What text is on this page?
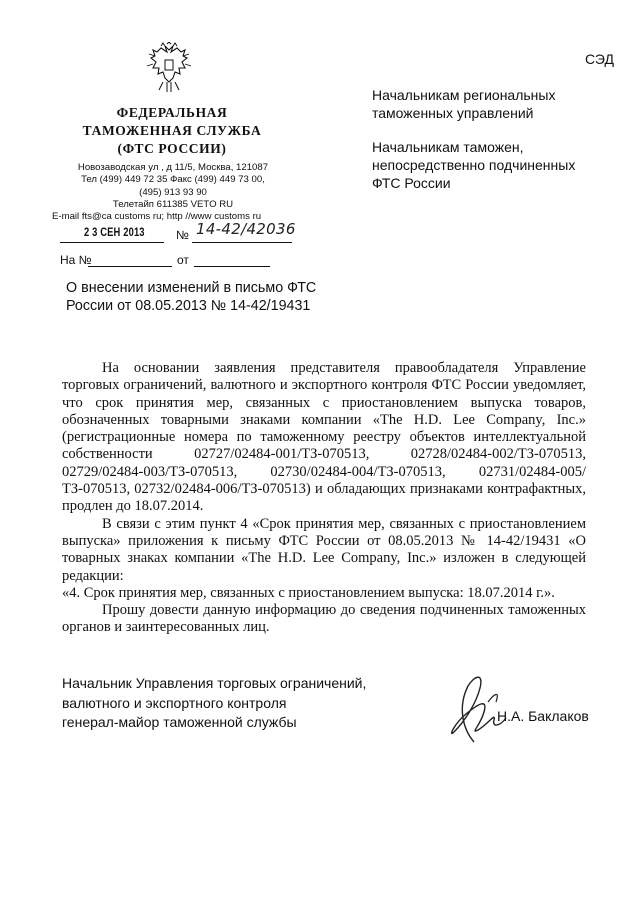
СЭД
ФЕДЕРАЛЬНАЯ
ТАМОЖЕННАЯ СЛУЖБА
(ФТС РОССИИ)
Новозаводская ул , д 11/5, Москва, 121087
Тел (499) 449 72 35 Факс (499) 449 73 00,
(495) 913 93 90
Телетайп 611385 VETO RU
E-mail fts@ca customs ru; http //www customs ru
2 3 СЕН 2013	№ 14-42/42036
На №	от
О внесении изменений в письмо ФТС
России от 08.05.2013 № 14-42/19431
Начальникам региональных
таможенных управлений
Начальникам таможен,
непосредственно подчиненных
ФТС России

На основании заявления представителя правообладателя Управление торговых ограничений, валютного и экспортного контроля ФТС России уведомляет, что срок принятия мер, связанных с приостановлением выпуска товаров, обозначенных товарными знаками компании «The H.D. Lee Company, Inc.» (регистрационные номера по таможенному реестру объектов интеллектуальной собственности 02727/02484-001/ТЗ-070513, 02728/02484-002/ТЗ-070513, 02729/02484-003/ТЗ-070513, 02730/02484-004/ТЗ-070513, 02731/02484-005/ТЗ-070513, 02732/02484-006/ТЗ-070513) и обладающих признаками контрафактных, продлен до 18.07.2014.

В связи с этим пункт 4 «Срок принятия мер, связанных с приостановлением выпуска» приложения к письму ФТС России от 08.05.2013 № 14-42/19431 «О товарных знаках компании «The H.D. Lee Company, Inc.» изложен в следующей редакции:

«4. Срок принятия мер, связанных с приостановлением выпуска: 18.07.2014 г.».

Прошу довести данную информацию до сведения подчиненных таможенных органов и заинтересованных лиц.

Начальник Управления торговых ограничений,
валютного и экспортного контроля
генерал-майор таможенной службы	Н.А. Баклаков
